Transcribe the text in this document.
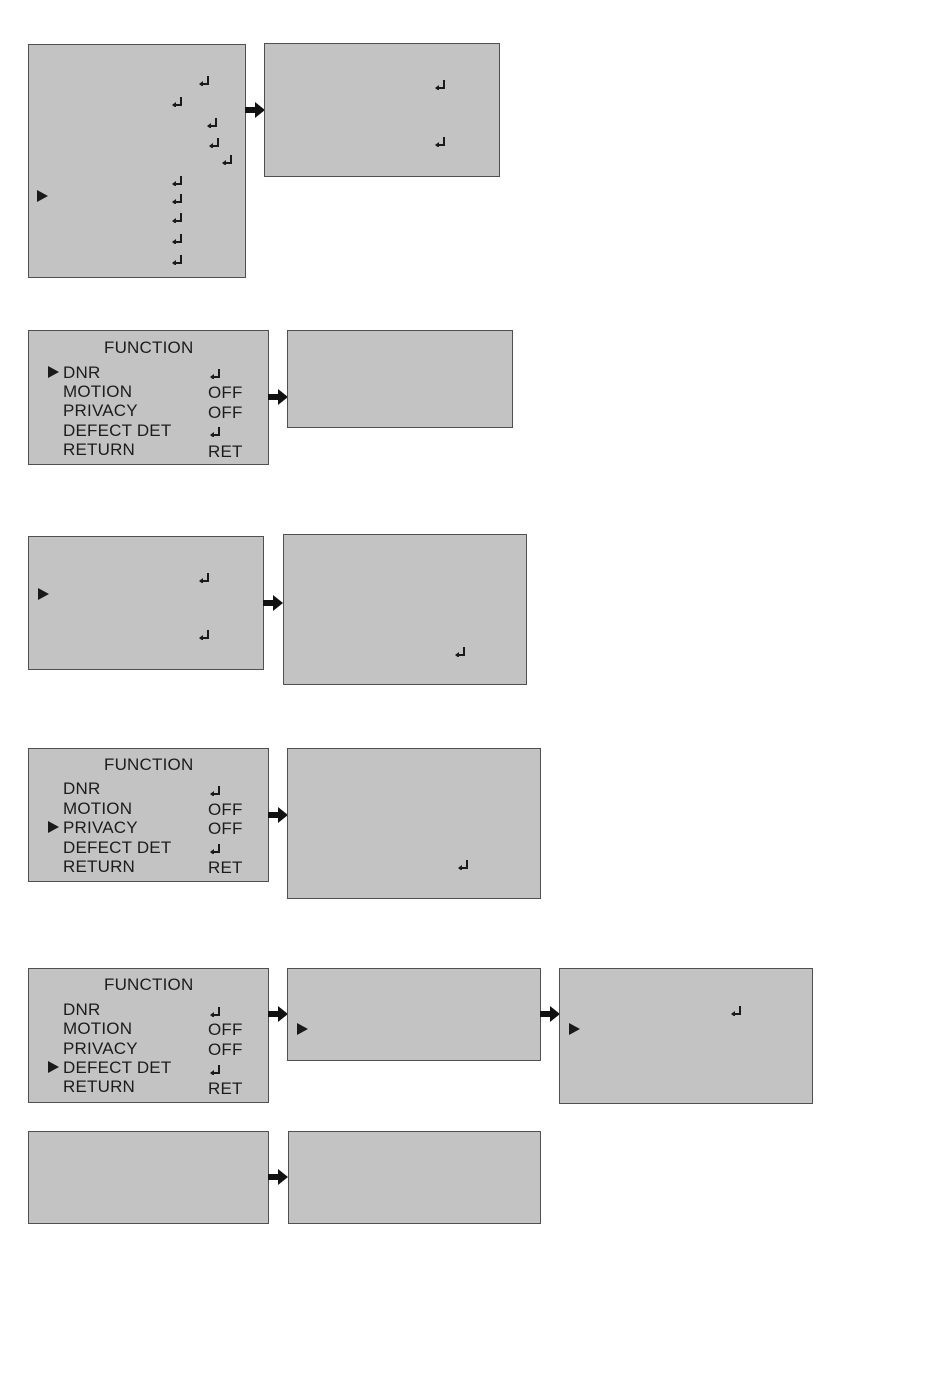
FUNCTION
DNR
MOTION	OFF
PRIVACY	OFF
DEFECT DET
RETURN	RET
FUNCTION
DNR
MOTION	OFF
PRIVACY	OFF
DEFECT DET
RETURN	RET
FUNCTION
DNR
MOTION	OFF
PRIVACY	OFF
DEFECT DET
RETURN	RET
